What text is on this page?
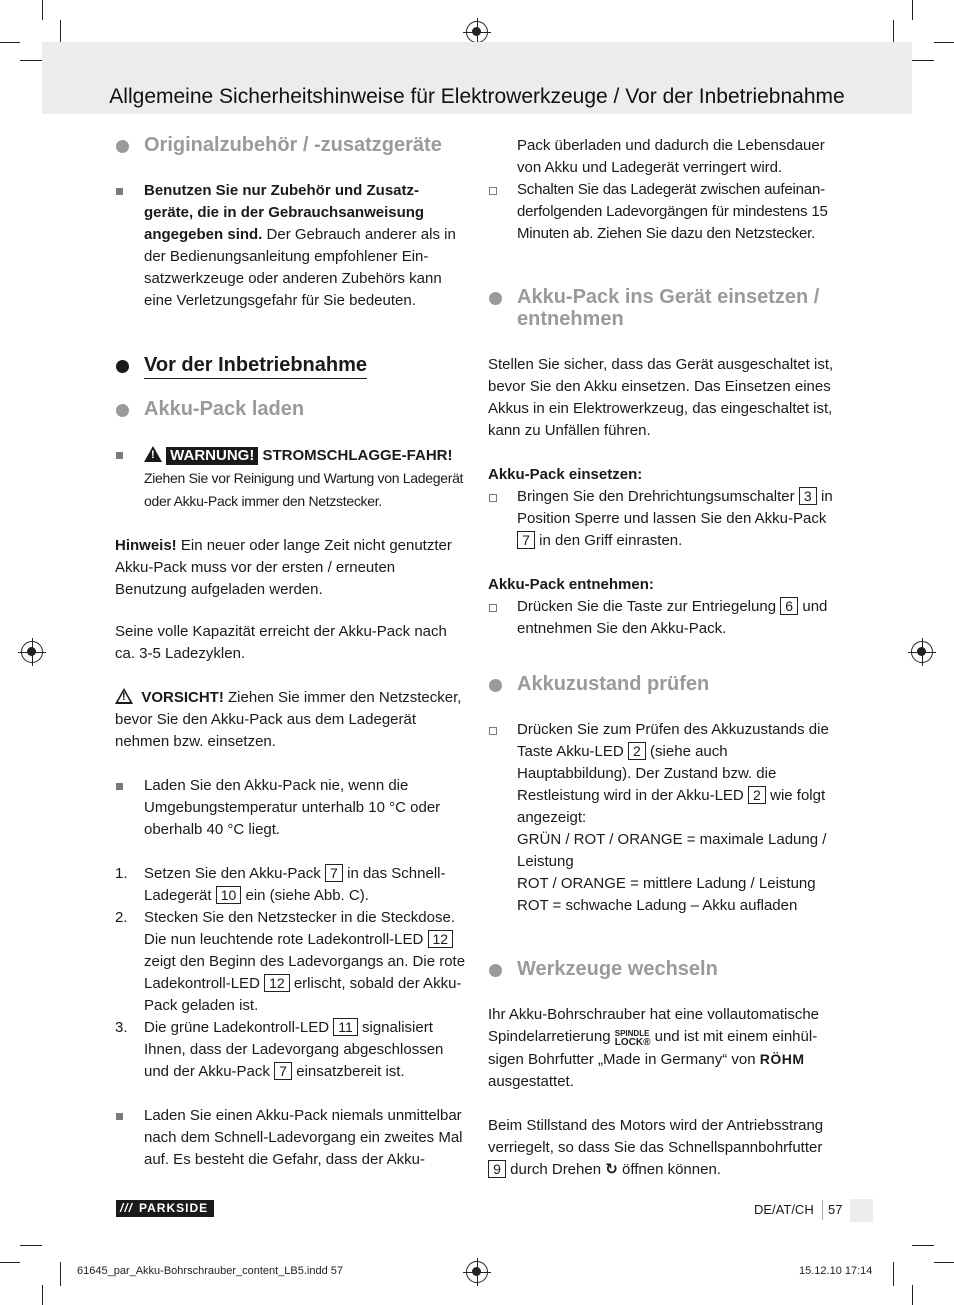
Allgemeine Sicherheitshinweise für Elektrowerkzeuge / Vor der Inbetriebnahme
Originalzubehör / -zusatzgeräte

Benutzen Sie nur Zubehör und Zusatz-geräte, die in der Gebrauchsanweisung angegeben sind. Der Gebrauch anderer als in der Bedienungsanleitung empfohlener Ein-satzwerkzeuge oder anderen Zubehörs kann eine Verletzungsgefahr für Sie bedeuten.

Vor der Inbetriebnahme
Akku-Pack laden

! WARNUNG! STROMSCHLAGGE-FAHR! Ziehen Sie vor Reinigung und Wartung von Ladegerät oder Akku-Pack immer den Netzstecker.

Hinweis! Ein neuer oder lange Zeit nicht genutzter Akku-Pack muss vor der ersten / erneuten Benutzung aufgeladen werden.

Seine volle Kapazität erreicht der Akku-Pack nach ca. 3-5 Ladezyklen.

! VORSICHT! Ziehen Sie immer den Netzstecker, bevor Sie den Akku-Pack aus dem Ladegerät nehmen bzw. einsetzen.

Laden Sie den Akku-Pack nie, wenn die Umgebungstemperatur unterhalb 10 °C oder oberhalb 40 °C liegt.

1. Setzen Sie den Akku-Pack 7 in das Schnell-Ladegerät 10 ein (siehe Abb. C).

2. Stecken Sie den Netzstecker in die Steckdose. Die nun leuchtende rote Ladekontroll-LED 12 zeigt den Beginn des Ladevorgangs an. Die rote Ladekontroll-LED 12 erlischt, sobald der Akku-Pack geladen ist.

3. Die grüne Ladekontroll-LED 11 signalisiert Ihnen, dass der Ladevorgang abgeschlossen und der Akku-Pack 7 einsatzbereit ist.

Laden Sie einen Akku-Pack niemals unmittelbar nach dem Schnell-Ladevorgang ein zweites Mal auf. Es besteht die Gefahr, dass der Akku-

Pack überladen und dadurch die Lebensdauer von Akku und Ladegerät verringert wird.

Schalten Sie das Ladegerät zwischen aufeinan-derfolgenden Ladevorgängen für mindestens 15 Minuten ab. Ziehen Sie dazu den Netzstecker.

Akku-Pack ins Gerät einsetzen / entnehmen

Stellen Sie sicher, dass das Gerät ausgeschaltet ist, bevor Sie den Akku einsetzen. Das Einsetzen eines Akkus in ein Elektrowerkzeug, das eingeschaltet ist, kann zu Unfällen führen.

Akku-Pack einsetzen:

Bringen Sie den Drehrichtungsumschalter 3 in Position Sperre und lassen Sie den Akku-Pack 7 in den Griff einrasten.

Akku-Pack entnehmen:

Drücken Sie die Taste zur Entriegelung 6 und entnehmen Sie den Akku-Pack.

Akkuzustand prüfen

Drücken Sie zum Prüfen des Akkuzustands die Taste Akku-LED 2 (siehe auch Hauptabbildung). Der Zustand bzw. die Restleistung wird in der Akku-LED 2 wie folgt angezeigt:

GRÜN / ROT / ORANGE = maximale Ladung / Leistung

ROT / ORANGE = mittlere Ladung / Leistung

ROT = schwache Ladung – Akku aufladen

Werkzeuge wechseln

Ihr Akku-Bohrschrauber hat eine vollautomatische Spindelarretierung SPINDLE
LOCK® und ist mit einem einhül-sigen Bohrfutter „Made in Germany“ von RÖHM ausgestattet.

Beim Stillstand des Motors wird der Antriebsstrang verriegelt, so dass Sie das Schnellspannbohrfutter 9 durch Drehen ↻ öffnen können.

/// PARKSIDE	DE/AT/CH 57
61645_par_Akku-Bohrschrauber_content_LB5.indd 57	15.12.10 17:14
